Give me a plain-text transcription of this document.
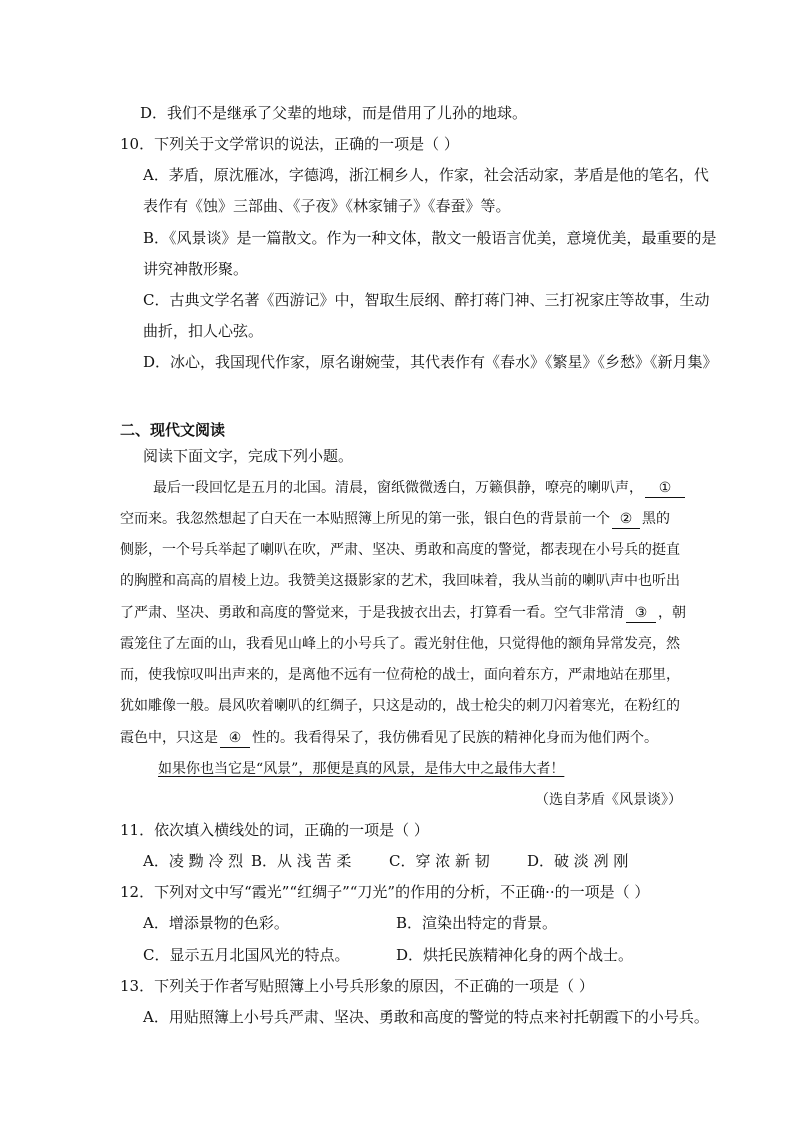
D．我们不是继承了父辈的地球，而是借用了儿孙的地球。
10．下列关于文学常识的说法，正确的一项是（ ）
A．茅盾，原沈雁冰，字德鸿，浙江桐乡人，作家，社会活动家，茅盾是他的笔名，代
表作有《蚀》三部曲、《子夜》《林家铺子》《春蚕》等。
B．《风景谈》是一篇散文。作为一种文体，散文一般语言优美，意境优美，最重要的是
讲究神散形聚。
C．古典文学名著《西游记》中，智取生辰纲、醉打蒋门神、三打祝家庄等故事，生动
曲折，扣人心弦。
D．冰心，我国现代作家，原名谢婉莹，其代表作有《春水》《繁星》《乡愁》《新月集》
二、现代文阅读
阅读下面文字，完成下列小题。
最后一段回忆是五月的北国。清晨，窗纸微微透白，万籁俱静，嘹亮的喇叭声， ①
空而来。我忽然想起了白天在一本贴照簿上所见的第一张，银白色的背景前一个 ② 黑的
侧影，一个号兵举起了喇叭在吹，严肃、坚决、勇敢和高度的警觉，都表现在小号兵的挺直
的胸膛和高高的眉棱上边。我赞美这摄影家的艺术，我回味着，我从当前的喇叭声中也听出
了严肃、坚决、勇敢和高度的警觉来，于是我披衣出去，打算看一看。空气非常清 ③ ，朝
霞笼住了左面的山，我看见山峰上的小号兵了。霞光射住他，只觉得他的额角异常发亮，然
而，使我惊叹叫出声来的，是离他不远有一位荷枪的战士，面向着东方，严肃地站在那里，
犹如雕像一般。晨风吹着喇叭的红绸子，只这是动的，战士枪尖的刺刀闪着寒光，在粉红的
霞色中，只这是 ④ 性的。我看得呆了，我仿佛看见了民族的精神化身而为他们两个。
如果你也当它是“风景”，那便是真的风景，是伟大中之最伟大者！
（选自茅盾《风景谈》）
11．依次填入横线处的词，正确的一项是（ ）
A．凌 黝 冷 烈 B．从 浅 苦 柔	C．穿 浓 新 韧 D．破 淡 冽 刚
12．下列对文中写“霞光”“红绸子”“刀光”的作用的分析，不正确··的一项是（ ）
A．增添景物的色彩。	B．渲染出特定的背景。
C．显示五月北国风光的特点。	D．烘托民族精神化身的两个战士。
13．下列关于作者写贴照簿上小号兵形象的原因，不正确的一项是（ ）
A．用贴照簿上小号兵严肃、坚决、勇敢和高度的警觉的特点来衬托朝霞下的小号兵。
